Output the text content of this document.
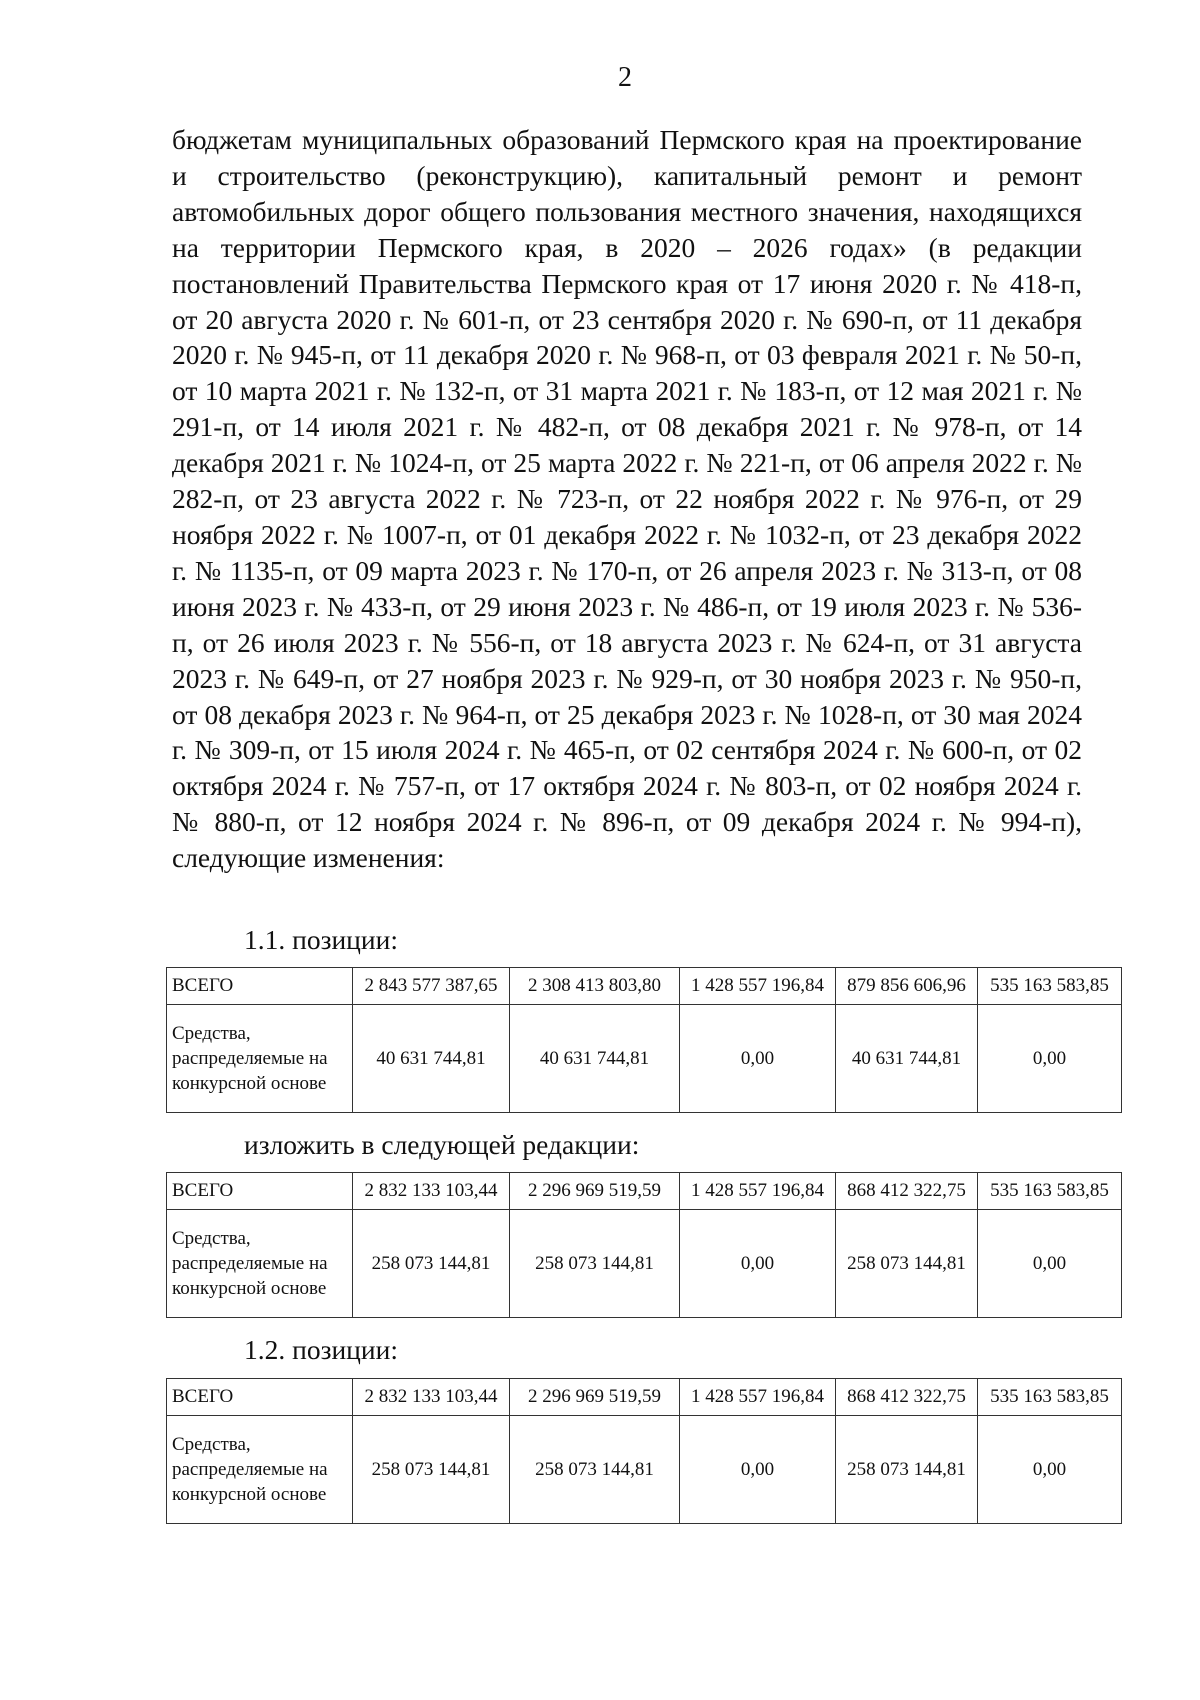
2
бюджетам муниципальных образований Пермского края на проектирование и строительство (реконструкцию), капитальный ремонт и ремонт автомобильных дорог общего пользования местного значения, находящихся на территории Пермского края, в 2020 – 2026 годах» (в редакции постановлений Правительства Пермского края от 17 июня 2020 г. № 418-п, от 20 августа 2020 г. № 601-п, от 23 сентября 2020 г. № 690-п, от 11 декабря 2020 г. № 945-п, от 11 декабря 2020 г. № 968-п, от 03 февраля 2021 г. № 50-п, от 10 марта 2021 г. № 132-п, от 31 марта 2021 г. № 183-п, от 12 мая 2021 г. № 291-п, от 14 июля 2021 г. № 482-п, от 08 декабря 2021 г. № 978-п, от 14 декабря 2021 г. № 1024-п, от 25 марта 2022 г. № 221-п, от 06 апреля 2022 г. № 282-п, от 23 августа 2022 г. № 723-п, от 22 ноября 2022 г. № 976-п, от 29 ноября 2022 г. № 1007-п, от 01 декабря 2022 г. № 1032-п, от 23 декабря 2022 г. № 1135-п, от 09 марта 2023 г. № 170-п, от 26 апреля 2023 г. № 313-п, от 08 июня 2023 г. № 433-п, от 29 июня 2023 г. № 486-п, от 19 июля 2023 г. № 536-п, от 26 июля 2023 г. № 556-п, от 18 августа 2023 г. № 624-п, от 31 августа 2023 г. № 649-п, от 27 ноября 2023 г. № 929-п, от 30 ноября 2023 г. № 950-п, от 08 декабря 2023 г. № 964-п, от 25 декабря 2023 г. № 1028-п, от 30 мая 2024 г. № 309-п, от 15 июля 2024 г. № 465-п, от 02 сентября 2024 г. № 600-п, от 02 октября 2024 г. № 757-п, от 17 октября 2024 г. № 803-п, от 02 ноября 2024 г. № 880-п, от 12 ноября 2024 г. № 896-п, от 09 декабря 2024 г. № 994-п), следующие изменения:
1.1. позиции:
ВСЕГО	2 843 577 387,65	2 308 413 803,80	1 428 557 196,84	879 856 606,96	535 163 583,85
Средства, распределяемые на конкурсной основе	40 631 744,81	40 631 744,81	0,00	40 631 744,81	0,00
изложить в следующей редакции:
ВСЕГО	2 832 133 103,44	2 296 969 519,59	1 428 557 196,84	868 412 322,75	535 163 583,85
Средства, распределяемые на конкурсной основе	258 073 144,81	258 073 144,81	0,00	258 073 144,81	0,00
1.2. позиции:
ВСЕГО	2 832 133 103,44	2 296 969 519,59	1 428 557 196,84	868 412 322,75	535 163 583,85
Средства, распределяемые на конкурсной основе	258 073 144,81	258 073 144,81	0,00	258 073 144,81	0,00
